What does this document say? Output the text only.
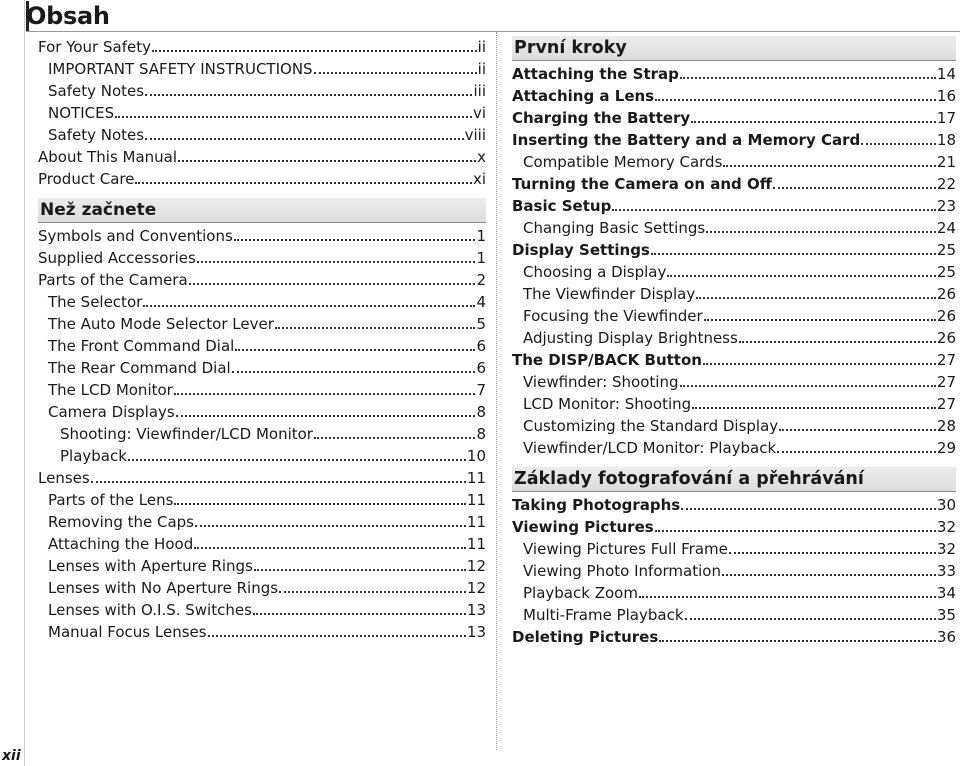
Obsah
For Your Safety	ii
IMPORTANT SAFETY INSTRUCTIONS	ii
Safety Notes	iii
NOTICES	vi
Safety Notes	viii
About This Manual	x
Product Care	xi
Než začnete
Symbols and Conventions	1
Supplied Accessories	1
Parts of the Camera	2
The Selector	4
The Auto Mode Selector Lever	5
The Front Command Dial	6
The Rear Command Dial	6
The LCD Monitor	7
Camera Displays	8
Shooting: Viewfinder/LCD Monitor	8
Playback	10
Lenses	11
Parts of the Lens	11
Removing the Caps	11
Attaching the Hood	11
Lenses with Aperture Rings	12
Lenses with No Aperture Rings	12
Lenses with O.I.S. Switches	13
Manual Focus Lenses	13
První kroky
Attaching the Strap	14
Attaching a Lens	16
Charging the Battery	17
Inserting the Battery and a Memory Card	18
Compatible Memory Cards	21
Turning the Camera on and Off	22
Basic Setup	23
Changing Basic Settings	24
Display Settings	25
Choosing a Display	25
The Viewfinder Display	26
Focusing the Viewfinder	26
Adjusting Display Brightness	26
The DISP/BACK Button	27
Viewfinder: Shooting	27
LCD Monitor: Shooting	27
Customizing the Standard Display	28
Viewfinder/LCD Monitor: Playback	29
Základy fotografování a přehrávání
Taking Photographs	30
Viewing Pictures	32
Viewing Pictures Full Frame	32
Viewing Photo Information	33
Playback Zoom	34
Multi-Frame Playback	35
Deleting Pictures	36
xii
